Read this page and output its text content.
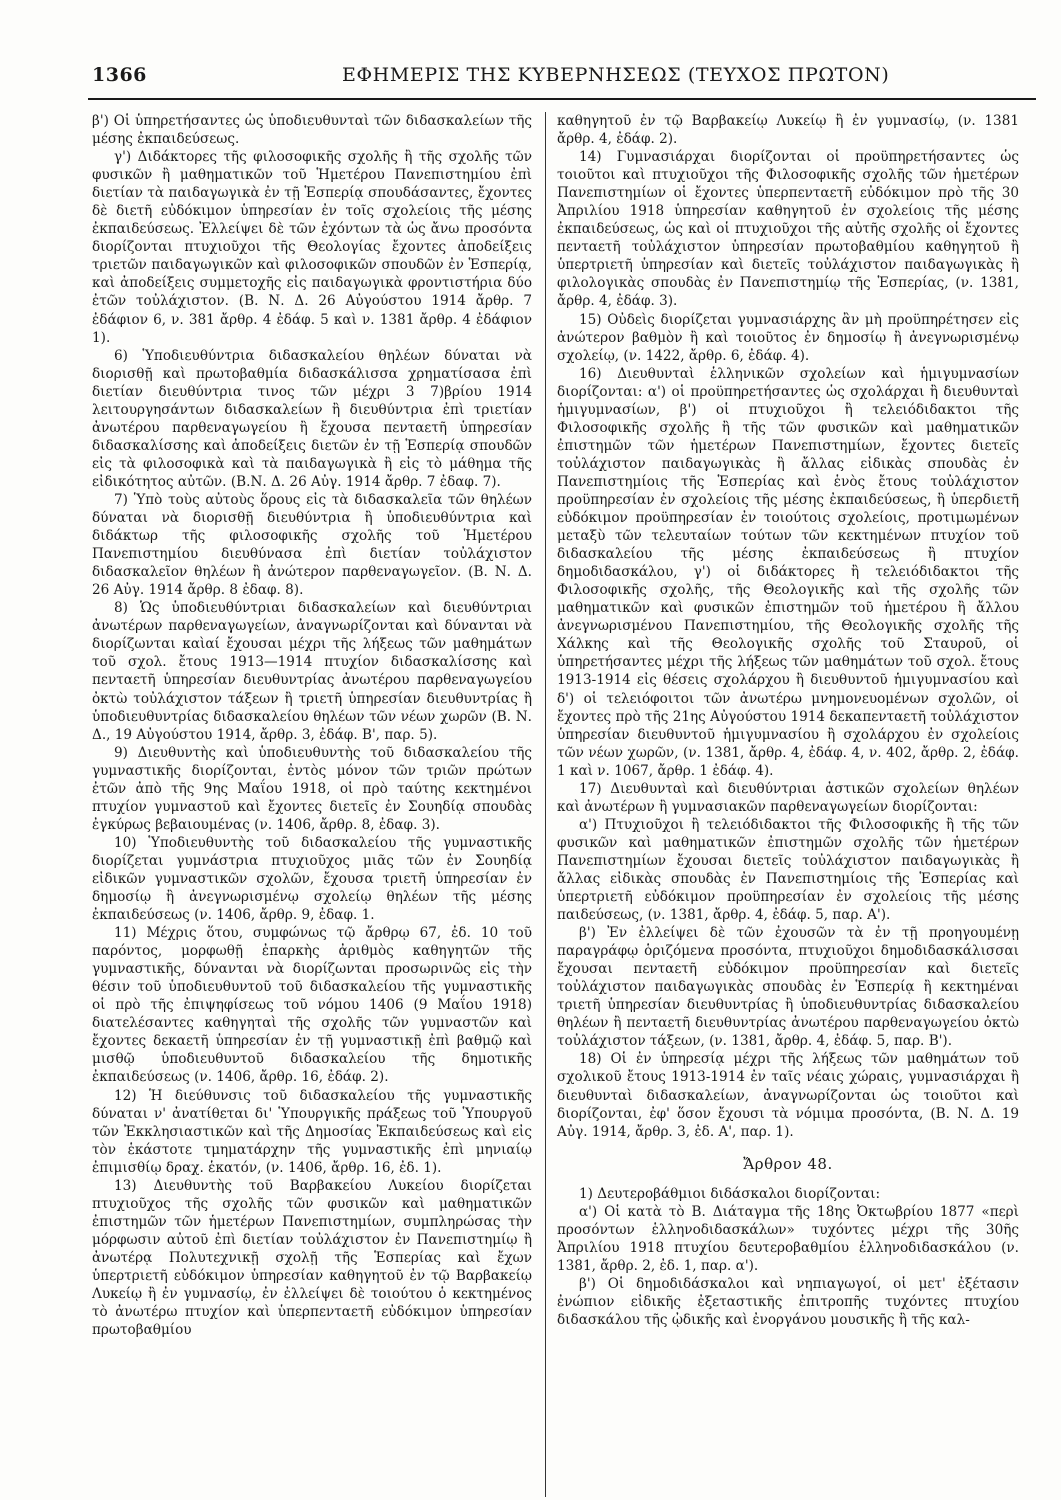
1366	ΕΦΗΜΕΡΙΣ ΤΗΣ ΚΥΒΕΡΝΗΣΕΩΣ (ΤΕΥΧΟΣ ΠΡΩΤΟΝ)

β') Οἱ ὑπηρετήσαντες ὡς ὑποδιευθυνταὶ τῶν διδασκαλείων τῆς μέσης ἐκπαιδεύσεως.

γ') Διδάκτορες τῆς φιλοσοφικῆς σχολῆς ἢ τῆς σχολῆς τῶν φυσικῶν ἢ μαθηματικῶν τοῦ Ἡμετέρου Πανεπιστημίου ἐπὶ διετίαν τὰ παιδαγωγικὰ ἐν τῇ Ἑσπερίᾳ σπουδάσαντες, ἔχοντες δὲ διετῆ εὐδόκιμον ὑπηρεσίαν ἐν τοῖς σχολείοις τῆς μέσης ἐκπαιδεύσεως. Ἐλλείψει δὲ τῶν ἐχόντων τὰ ὡς ἄνω προσόντα διορίζονται πτυχιοῦχοι τῆς Θεολογίας ἔχοντες ἀποδείξεις τριετῶν παιδαγωγικῶν καὶ φιλοσοφικῶν σπουδῶν ἐν Ἑσπερίᾳ, καὶ ἀποδείξεις συμμετοχῆς εἰς παιδαγωγικὰ φροντιστήρια δύο ἐτῶν τοὐλάχιστον. (Β. Ν. Δ. 26 Αὐγούστου 1914 ἄρθρ. 7 ἐδάφιον 6, ν. 381 ἄρθρ. 4 ἐδάφ. 5 καὶ ν. 1381 ἄρθρ. 4 ἐδάφιον 1).

6) Ὑποδιευθύντρια διδασκαλείου θηλέων δύναται νὰ διορισθῇ καὶ πρωτοβαθμία διδασκάλισσα χρηματίσασα ἐπὶ διετίαν διευθύντρια τινος τῶν μέχρι 3 7)βρίου 1914 λειτουργησάντων διδασκαλείων ἢ διευθύντρια ἐπὶ τριετίαν ἀνωτέρου παρθεναγωγείου ἢ ἔχουσα πενταετῆ ὑπηρεσίαν διδασκαλίσσης καὶ ἀποδείξεις διετῶν ἐν τῇ Ἑσπερίᾳ σπουδῶν εἰς τὰ φιλοσοφικὰ καὶ τὰ παιδαγωγικὰ ἢ εἰς τὸ μάθημα τῆς εἰδικότητος αὐτῶν. (Β.Ν. Δ. 26 Αὐγ. 1914 ἄρθρ. 7 ἐδαφ. 7).

7) Ὑπὸ τοὺς αὐτοὺς ὅρους εἰς τὰ διδασκαλεῖα τῶν θηλέων δύναται νὰ διορισθῇ διευθύντρια ἢ ὑποδιευθύντρια καὶ διδάκτωρ τῆς φιλοσοφικῆς σχολῆς τοῦ Ἡμετέρου Πανεπιστημίου διευθύνασα ἐπὶ διετίαν τοὐλάχιστον διδασκαλεῖον θηλέων ἢ ἀνώτερον παρθεναγωγεῖον. (Β. Ν. Δ. 26 Αὐγ. 1914 ἄρθρ. 8 ἐδαφ. 8).

8) Ὡς ὑποδιευθύντριαι διδασκαλείων καὶ διευθύντριαι ἀνωτέρων παρθεναγωγείων, ἀναγνωρίζονται καὶ δύνανται νὰ διορίζωνται καὶαί ἔχουσαι μέχρι τῆς λήξεως τῶν μαθημάτων τοῦ σχολ. ἔτους 1913—1914 πτυχίον διδασκαλίσσης καὶ πενταετῆ ὑπηρεσίαν διευθυντρίας ἀνωτέρου παρθεναγωγείου ὀκτὼ τοὐλάχιστον τάξεων ἢ τριετῆ ὑπηρεσίαν διευθυντρίας ἢ ὑποδιευθυντρίας διδασκαλείου θηλέων τῶν νέων χωρῶν (Β. Ν. Δ., 19 Αὐγούστου 1914, ἄρθρ. 3, ἐδάφ. Β', παρ. 5).

9) Διευθυντὴς καὶ ὑποδιευθυντὴς τοῦ διδασκαλείου τῆς γυμναστικῆς διορίζονται, ἐντὸς μόνον τῶν τριῶν πρώτων ἐτῶν ἀπὸ τῆς 9ης Μαΐου 1918, οἱ πρὸ ταύτης κεκτημένοι πτυχίον γυμναστοῦ καὶ ἔχοντες διετεῖς ἐν Σουηδίᾳ σπουδὰς ἐγκύρως βεβαιουμένας (ν. 1406, ἄρθρ. 8, ἐδαφ. 3).

10) Ὑποδιευθυντὴς τοῦ διδασκαλείου τῆς γυμναστικῆς διορίζεται γυμνάστρια πτυχιοῦχος μιᾶς τῶν ἐν Σουηδίᾳ εἰδικῶν γυμναστικῶν σχολῶν, ἔχουσα τριετῆ ὑπηρεσίαν ἐν δημοσίῳ ἢ ἀνεγνωρισμένῳ σχολείῳ θηλέων τῆς μέσης ἐκπαιδεύσεως (ν. 1406, ἄρθρ. 9, ἐδαφ. 1.

11) Μέχρις ὅτου, συμφώνως τῷ ἄρθρῳ 67, ἐδ. 10 τοῦ παρόντος, μορφωθῇ ἐπαρκὴς ἀριθμὸς καθηγητῶν τῆς γυμναστικῆς, δύνανται νὰ διορίζωνται προσωρινῶς εἰς τὴν θέσιν τοῦ ὑποδιευθυντοῦ τοῦ διδασκαλείου τῆς γυμναστικῆς οἱ πρὸ τῆς ἐπιψηφίσεως τοῦ νόμου 1406 (9 Μαΐου 1918) διατελέσαντες καθηγηταὶ τῆς σχολῆς τῶν γυμναστῶν καὶ ἔχοντες δεκαετῆ ὑπηρεσίαν ἐν τῇ γυμναστικῇ ἐπὶ βαθμῷ καὶ μισθῷ ὑποδιευθυντοῦ διδασκαλείου τῆς δημοτικῆς ἐκπαιδεύσεως (ν. 1406, ἄρθρ. 16, ἐδάφ. 2).

12) Ἡ διεύθυνσις τοῦ διδασκαλείου τῆς γυμναστικῆς δύναται ν' ἀνατίθεται δι' Ὑπουργικῆς πράξεως τοῦ Ὑπουργοῦ τῶν Ἐκκλησιαστικῶν καὶ τῆς Δημοσίας Ἐκπαιδεύσεως καὶ εἰς τὸν ἑκάστοτε τμηματάρχην τῆς γυμναστικῆς ἐπὶ μηνιαίῳ ἐπιμισθίῳ δραχ. ἑκατόν, (ν. 1406, ἄρθρ. 16, ἐδ. 1).

13) Διευθυντὴς τοῦ Βαρβακείου Λυκείου διορίζεται πτυχιοῦχος τῆς σχολῆς τῶν φυσικῶν καὶ μαθηματικῶν ἐπιστημῶν τῶν ἡμετέρων Πανεπιστημίων, συμπληρώσας τὴν μόρφωσιν αὐτοῦ ἐπὶ διετίαν τοὐλάχιστον ἐν Πανεπιστημίῳ ἢ ἀνωτέρᾳ Πολυτεχνικῇ σχολῇ τῆς Ἑσπερίας καὶ ἔχων ὑπερτριετῆ εὐδόκιμον ὑπηρεσίαν καθηγητοῦ ἐν τῷ Βαρβακείῳ Λυκείῳ ἢ ἐν γυμνασίῳ, ἐν ἐλλείψει δὲ τοιούτου ὁ κεκτημένος τὸ ἀνωτέρω πτυχίον καὶ ὑπερπενταετῆ εὐδόκιμον ὑπηρεσίαν πρωτοβαθμίου

καθηγητοῦ ἐν τῷ Βαρβακείῳ Λυκείῳ ἢ ἐν γυμνασίῳ, (ν. 1381 ἄρθρ. 4, ἐδάφ. 2).

14) Γυμνασιάρχαι διορίζονται οἱ προϋπηρετήσαντες ὡς τοιοῦτοι καὶ πτυχιοῦχοι τῆς Φιλοσοφικῆς σχολῆς τῶν ἡμετέρων Πανεπιστημίων οἱ ἔχοντες ὑπερπενταετῆ εὐδόκιμον πρὸ τῆς 30 Ἀπριλίου 1918 ὑπηρεσίαν καθηγητοῦ ἐν σχολείοις τῆς μέσης ἐκπαιδεύσεως, ὡς καὶ οἱ πτυχιοῦχοι τῆς αὐτῆς σχολῆς οἱ ἔχοντες πενταετῆ τοὐλάχιστον ὑπηρεσίαν πρωτοβαθμίου καθηγητοῦ ἢ ὑπερτριετῆ ὑπηρεσίαν καὶ διετεῖς τοὐλάχιστον παιδαγωγικὰς ἢ φιλολογικὰς σπουδὰς ἐν Πανεπιστημίῳ τῆς Ἑσπερίας, (ν. 1381, ἄρθρ. 4, ἐδάφ. 3).

15) Οὐδεὶς διορίζεται γυμνασιάρχης ἂν μὴ προϋπηρέτησεν εἰς ἀνώτερον βαθμὸν ἢ καὶ τοιοῦτος ἐν δημοσίῳ ἢ ἀνεγνωρισμένῳ σχολείῳ, (ν. 1422, ἄρθρ. 6, ἐδάφ. 4).

16) Διευθυνταὶ ἑλληνικῶν σχολείων καὶ ἡμιγυμνασίων διορίζονται: α') οἱ προϋπηρετήσαντες ὡς σχολάρχαι ἢ διευθυνταὶ ἡμιγυμνασίων, β') οἱ πτυχιοῦχοι ἢ τελειόδιδακτοι τῆς Φιλοσοφικῆς σχολῆς ἢ τῆς τῶν φυσικῶν καὶ μαθηματικῶν ἐπιστημῶν τῶν ἡμετέρων Πανεπιστημίων, ἔχοντες διετεῖς τοὐλάχιστον παιδαγωγικὰς ἢ ἄλλας εἰδικὰς σπουδὰς ἐν Πανεπιστημίοις τῆς Ἑσπερίας καὶ ἑνὸς ἔτους τοὐλάχιστον προϋπηρεσίαν ἐν σχολείοις τῆς μέσης ἐκπαιδεύσεως, ἢ ὑπερδιετῆ εὐδόκιμον προϋπηρεσίαν ἐν τοιούτοις σχολείοις, προτιμωμένων μεταξὺ τῶν τελευταίων τούτων τῶν κεκτημένων πτυχίον τοῦ διδασκαλείου τῆς μέσης ἐκπαιδεύσεως ἢ πτυχίον δημοδιδασκάλου, γ') οἱ διδάκτορες ἢ τελειόδιδακτοι τῆς Φιλοσοφικῆς σχολῆς, τῆς Θεολογικῆς καὶ τῆς σχολῆς τῶν μαθηματικῶν καὶ φυσικῶν ἐπιστημῶν τοῦ ἡμετέρου ἢ ἄλλου ἀνεγνωρισμένου Πανεπιστημίου, τῆς Θεολογικῆς σχολῆς τῆς Χάλκης καὶ τῆς Θεολογικῆς σχολῆς τοῦ Σταυροῦ, οἱ ὑπηρετήσαντες μέχρι τῆς λήξεως τῶν μαθημάτων τοῦ σχολ. ἔτους 1913-1914 εἰς θέσεις σχολάρχου ἢ διευθυντοῦ ἡμιγυμνασίου καὶ δ') οἱ τελειόφοιτοι τῶν ἀνωτέρω μνημονευομένων σχολῶν, οἱ ἔχοντες πρὸ τῆς 21ης Αὐγούστου 1914 δεκαπενταετῆ τοὐλάχιστον ὑπηρεσίαν διευθυντοῦ ἡμιγυμνασίου ἢ σχολάρχου ἐν σχολείοις τῶν νέων χωρῶν, (ν. 1381, ἄρθρ. 4, ἐδάφ. 4, ν. 402, ἄρθρ. 2, ἐδάφ. 1 καὶ ν. 1067, ἄρθρ. 1 ἐδάφ. 4).

17) Διευθυνταὶ καὶ διευθύντριαι ἀστικῶν σχολείων θηλέων καὶ ἀνωτέρων ἢ γυμνασιακῶν παρθεναγωγείων διορίζονται:

α') Πτυχιοῦχοι ἢ τελειόδιδακτοι τῆς Φιλοσοφικῆς ἢ τῆς τῶν φυσικῶν καὶ μαθηματικῶν ἐπιστημῶν σχολῆς τῶν ἡμετέρων Πανεπιστημίων ἔχουσαι διετεῖς τοὐλάχιστον παιδαγωγικὰς ἢ ἄλλας εἰδικὰς σπουδὰς ἐν Πανεπιστημίοις τῆς Ἑσπερίας καὶ ὑπερτριετῆ εὐδόκιμον προϋπηρεσίαν ἐν σχολείοις τῆς μέσης παιδεύσεως, (ν. 1381, ἄρθρ. 4, ἐδάφ. 5, παρ. Α').

β') Ἐν ἐλλείψει δὲ τῶν ἐχουσῶν τὰ ἐν τῇ προηγουμένῃ παραγράφῳ ὁριζόμενα προσόντα, πτυχιοῦχοι δημοδιδασκάλισσαι ἔχουσαι πενταετῆ εὐδόκιμον προϋπηρεσίαν καὶ διετεῖς τοὐλάχιστον παιδαγωγικὰς σπουδὰς ἐν Ἑσπερίᾳ ἢ κεκτημέναι τριετῆ ὑπηρεσίαν διευθυντρίας ἢ ὑποδιευθυντρίας διδασκαλείου θηλέων ἢ πενταετῆ διευθυντρίας ἀνωτέρου παρθεναγωγείου ὀκτὼ τοὐλάχιστον τάξεων, (ν. 1381, ἄρθρ. 4, ἐδάφ. 5, παρ. Β').

18) Οἱ ἐν ὑπηρεσίᾳ μέχρι τῆς λήξεως τῶν μαθημάτων τοῦ σχολικοῦ ἔτους 1913-1914 ἐν ταῖς νέαις χώραις, γυμνασιάρχαι ἢ διευθυνταὶ διδασκαλείων, ἀναγνωρίζονται ὡς τοιοῦτοι καὶ διορίζονται, ἐφ' ὅσον ἔχουσι τὰ νόμιμα προσόντα, (Β. Ν. Δ. 19 Αὐγ. 1914, ἄρθρ. 3, ἐδ. Α', παρ. 1).

Ἄρθρον 48.

1) Δευτεροβάθμιοι διδάσκαλοι διορίζονται:

α') Οἱ κατὰ τὸ Β. Διάταγμα τῆς 18ης Ὀκτωβρίου 1877 «περὶ προσόντων ἑλληνοδιδασκάλων» τυχόντες μέχρι τῆς 30ῆς Ἀπριλίου 1918 πτυχίου δευτεροβαθμίου ἑλληνοδιδασκάλου (ν. 1381, ἄρθρ. 2, ἐδ. 1, παρ. α').

β') Οἱ δημοδιδάσκαλοι καὶ νηπιαγωγοί, οἱ μετ' ἐξέτασιν ἐνώπιον εἰδικῆς ἐξεταστικῆς ἐπιτροπῆς τυχόντες πτυχίου διδασκάλου τῆς ᾠδικῆς καὶ ἐνοργάνου μουσικῆς ἢ τῆς καλ-
